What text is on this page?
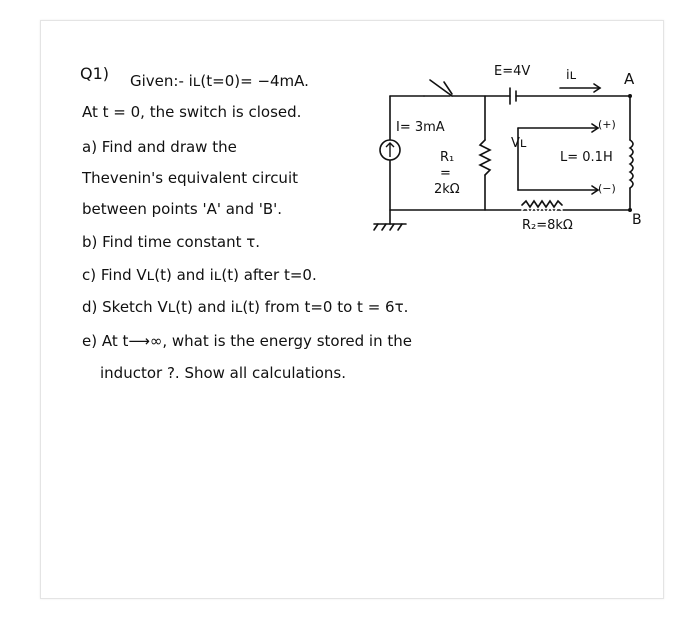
Q1) Given:- iʟ(t=0)= −4mA.
At t = 0, the switch is closed.
a) Find and draw the
Thevenin's equivalent circuit
between points 'A' and 'B'.
b) Find time constant τ.
c) Find Vʟ(t) and iʟ(t) after t=0.
d) Sketch Vʟ(t) and iʟ(t) from t=0 to t = 6τ.
e) At t⟶∞, what is the energy stored in the
inductor ?. Show all calculations.
I= 3mA
R₁
=
2kΩ
E=4V	iʟ	A
B
Vʟ
(+)
(−)
L= 0.1H
R₂=8kΩ
